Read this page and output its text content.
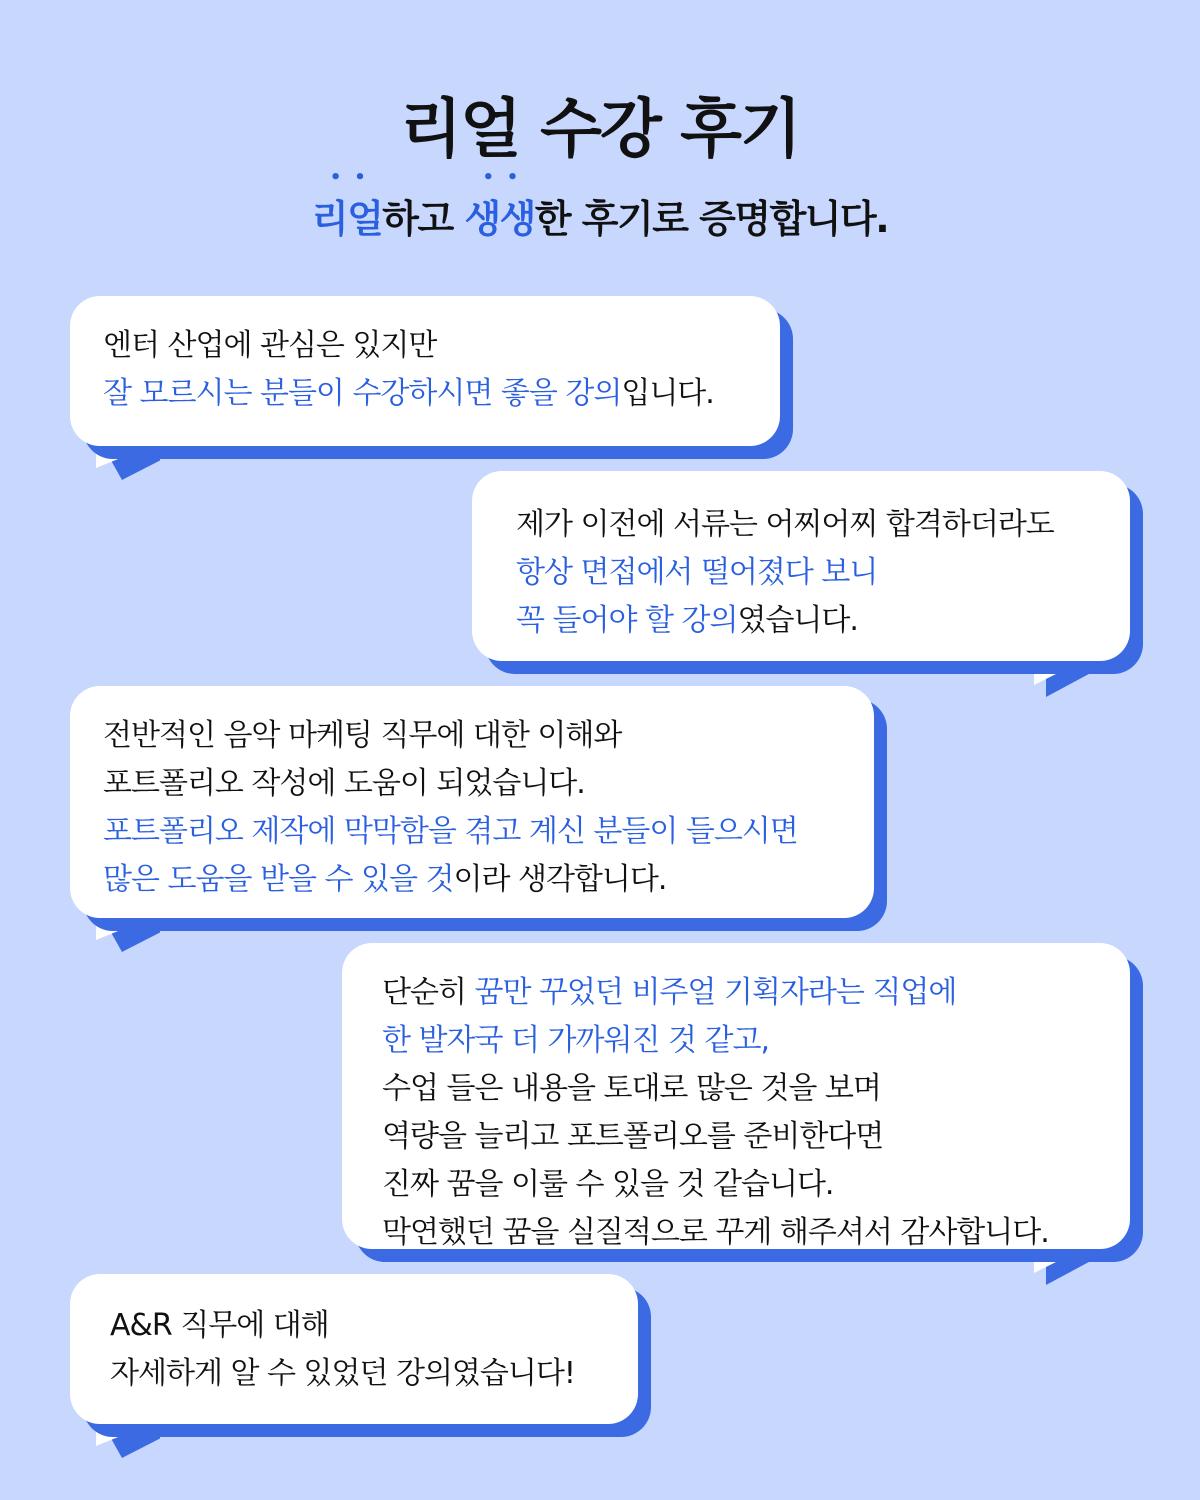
리얼 수강 후기
•   • 리얼하고 •   • 생생한 후기로 증명합니다.
엔터 산업에 관심은 있지만
잘 모르시는 분들이 수강하시면 좋을 강의입니다.
제가 이전에 서류는 어찌어찌 합격하더라도
항상 면접에서 떨어졌다 보니
꼭 들어야 할 강의였습니다.
전반적인 음악 마케팅 직무에 대한 이해와
포트폴리오 작성에 도움이 되었습니다.
포트폴리오 제작에 막막함을 겪고 계신 분들이 들으시면
많은 도움을 받을 수 있을 것이라 생각합니다.
단순히 꿈만 꾸었던 비주얼 기획자라는 직업에
한 발자국 더 가까워진 것 같고,
수업 들은 내용을 토대로 많은 것을 보며
역량을 늘리고 포트폴리오를 준비한다면
진짜 꿈을 이룰 수 있을 것 같습니다.
막연했던 꿈을 실질적으로 꾸게 해주셔서 감사합니다.
A&R 직무에 대해
자세하게 알 수 있었던 강의였습니다!
